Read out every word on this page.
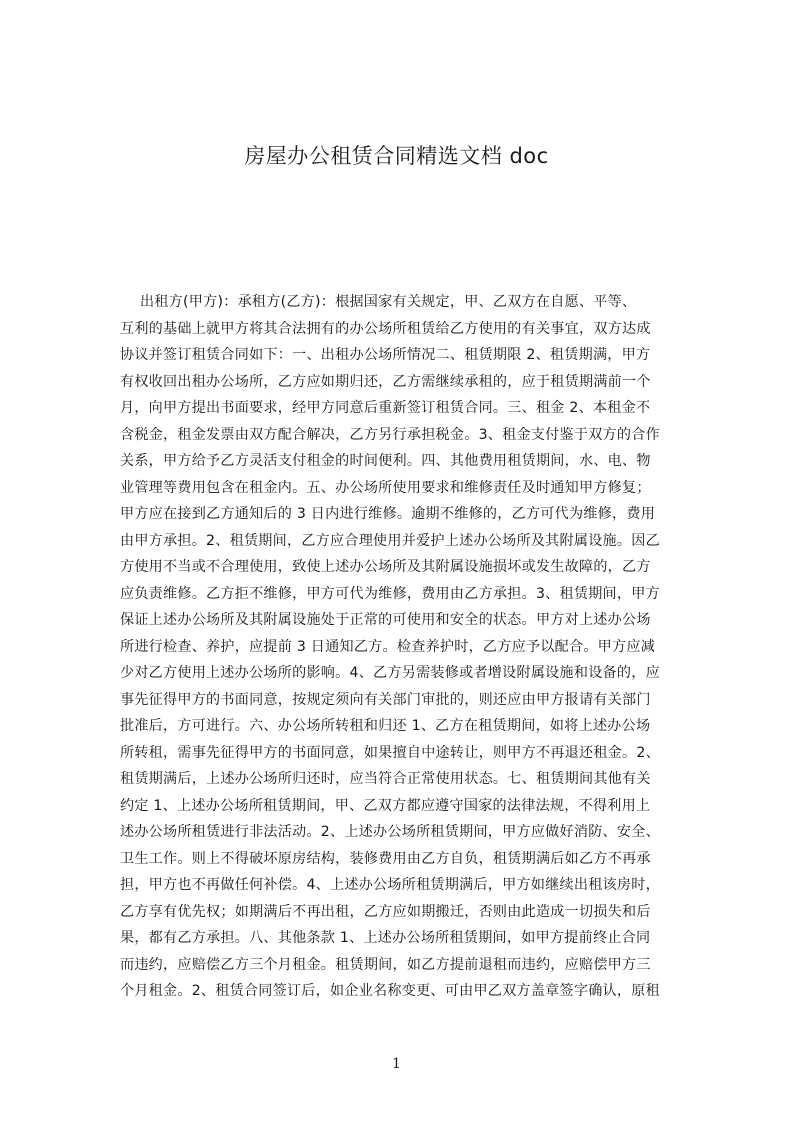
房屋办公租赁合同精选文档 doc
出租方(甲方)：承租方(乙方)：根据国家有关规定，甲、乙双方在自愿、平等、
互利的基础上就甲方将其合法拥有的办公场所租赁给乙方使用的有关事宜，双方达成
协议并签订租赁合同如下：一、出租办公场所情况二、租赁期限 2、租赁期满，甲方
有权收回出租办公场所，乙方应如期归还，乙方需继续承租的，应于租赁期满前一个
月，向甲方提出书面要求，经甲方同意后重新签订租赁合同。三、租金 2、本租金不
含税金，租金发票由双方配合解决，乙方另行承担税金。3、租金支付鉴于双方的合作
关系，甲方给予乙方灵活支付租金的时间便利。四、其他费用租赁期间，水、电、物
业管理等费用包含在租金内。五、办公场所使用要求和维修责任及时通知甲方修复；
甲方应在接到乙方通知后的 3 日内进行维修。逾期不维修的，乙方可代为维修，费用
由甲方承担。2、租赁期间，乙方应合理使用并爱护上述办公场所及其附属设施。因乙
方使用不当或不合理使用，致使上述办公场所及其附属设施损坏或发生故障的，乙方
应负责维修。乙方拒不维修，甲方可代为维修，费用由乙方承担。3、租赁期间，甲方
保证上述办公场所及其附属设施处于正常的可使用和安全的状态。甲方对上述办公场
所进行检查、养护，应提前 3 日通知乙方。检查养护时，乙方应予以配合。甲方应减
少对乙方使用上述办公场所的影响。4、乙方另需装修或者增设附属设施和设备的，应
事先征得甲方的书面同意，按规定须向有关部门审批的，则还应由甲方报请有关部门
批准后，方可进行。六、办公场所转租和归还 1、乙方在租赁期间，如将上述办公场
所转租，需事先征得甲方的书面同意，如果擅自中途转让，则甲方不再退还租金。2、
租赁期满后，上述办公场所归还时，应当符合正常使用状态。七、租赁期间其他有关
约定 1、上述办公场所租赁期间，甲、乙双方都应遵守国家的法律法规，不得利用上
述办公场所租赁进行非法活动。2、上述办公场所租赁期间，甲方应做好消防、安全、
卫生工作。则上不得破坏原房结构，装修费用由乙方自负，租赁期满后如乙方不再承
担，甲方也不再做任何补偿。4、上述办公场所租赁期满后，甲方如继续出租该房时，
乙方享有优先权；如期满后不再出租，乙方应如期搬迁，否则由此造成一切损失和后
果，都有乙方承担。八、其他条款 1、上述办公场所租赁期间，如甲方提前终止合同
而违约，应赔偿乙方三个月租金。租赁期间，如乙方提前退租而违约，应赔偿甲方三
个月租金。2、租赁合同签订后，如企业名称变更、可由甲乙双方盖章签字确认，原租
1
